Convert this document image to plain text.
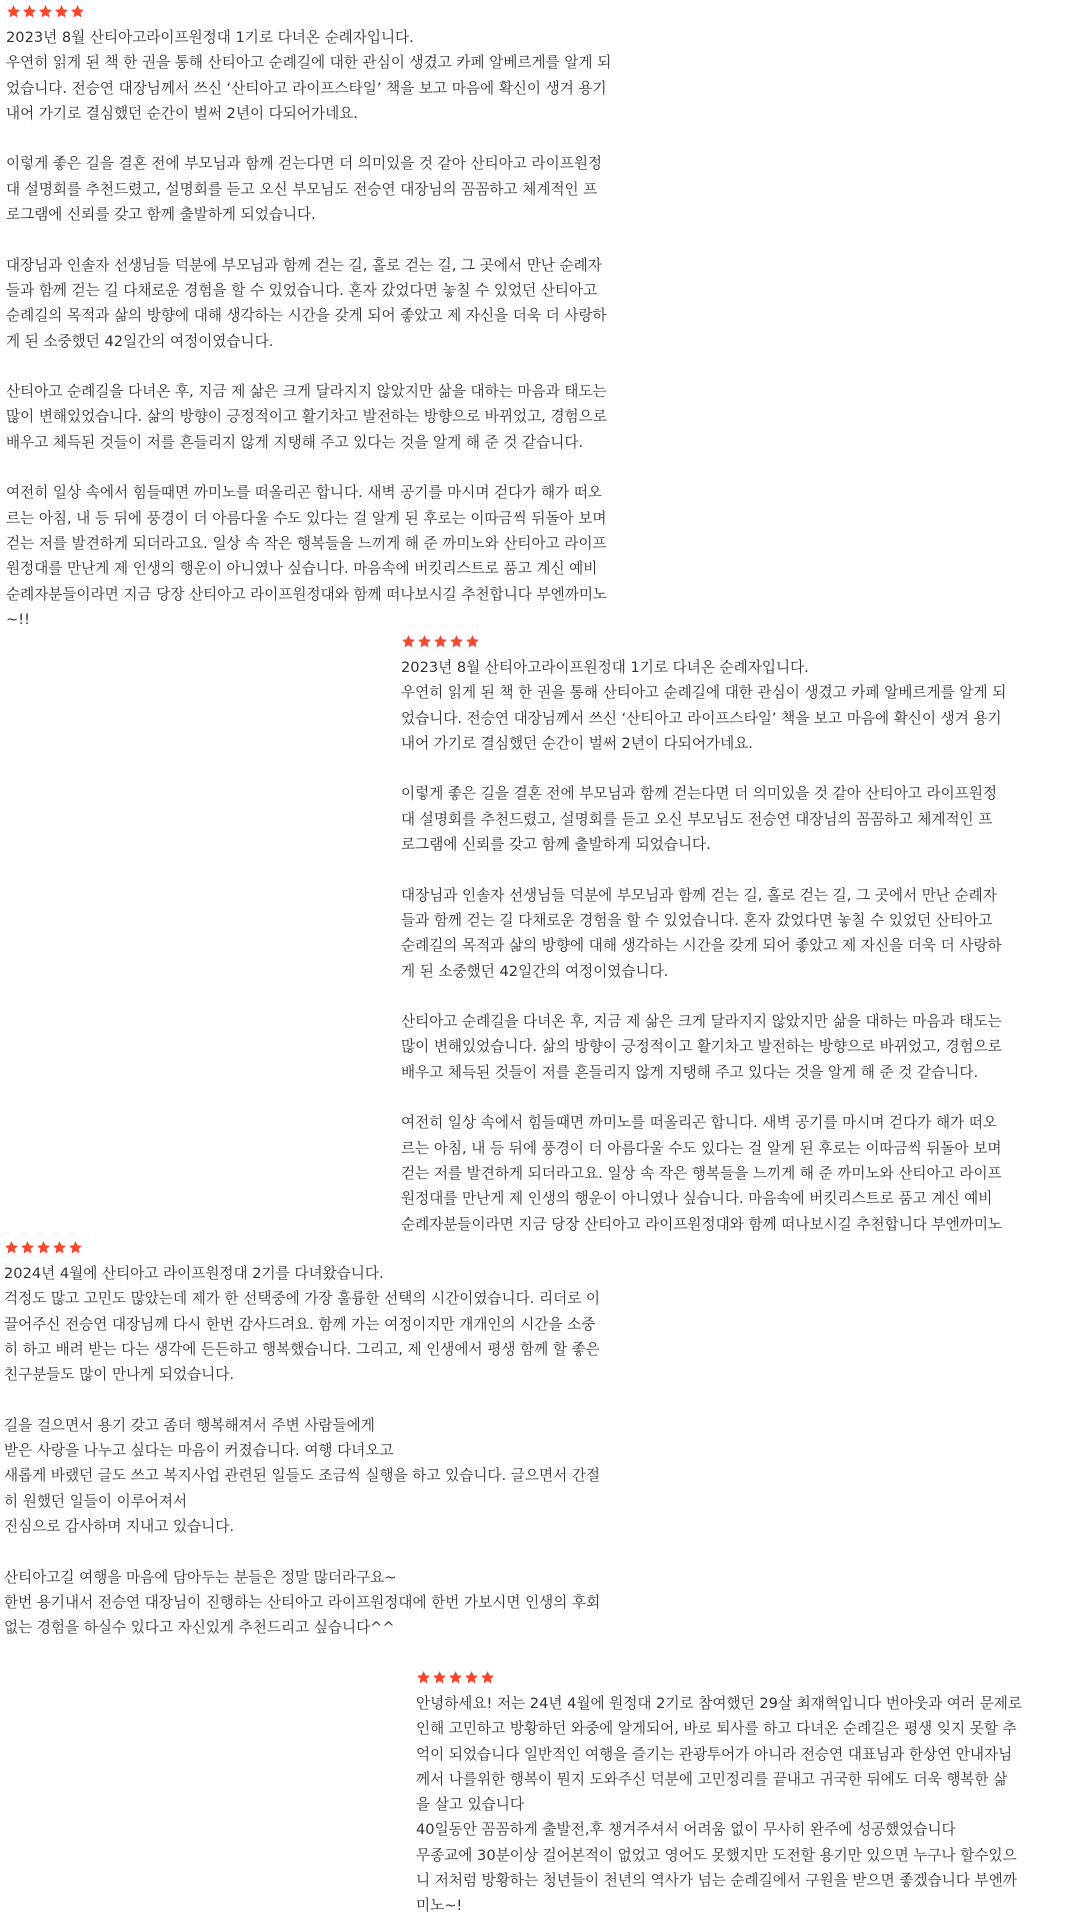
2023년 8월 산티아고라이프원정대 1기로 다녀온 순례자입니다.
우연히 읽게 된 책 한 권을 통해 산티아고 순례길에 대한 관심이 생겼고 카페 알베르게를 알게 되
었습니다. 전승연 대장님께서 쓰신 ‘산티아고 라이프스타일’ 책을 보고 마음에 확신이 생겨 용기
내어 가기로 결심했던 순간이 벌써 2년이 다되어가네요.
이렇게 좋은 길을 결혼 전에 부모님과 함께 걷는다면 더 의미있을 것 같아 산티아고 라이프원정
대 설명회를 추천드렸고, 설명회를 듣고 오신 부모님도 전승연 대장님의 꼼꼼하고 체계적인 프
로그램에 신뢰를 갖고 함께 출발하게 되었습니다.
대장님과 인솔자 선생님들 덕분에 부모님과 함께 걷는 길, 홀로 걷는 길, 그 곳에서 만난 순례자
들과 함께 걷는 길 다채로운 경험을 할 수 있었습니다. 혼자 갔었다면 놓칠 수 있었던 산티아고
순례길의 목적과 삶의 방향에 대해 생각하는 시간을 갖게 되어 좋았고 제 자신을 더욱 더 사랑하
게 된 소중했던 42일간의 여정이였습니다.
산티아고 순례길을 다녀온 후, 지금 제 삶은 크게 달라지지 않았지만 삶을 대하는 마음과 태도는
많이 변해있었습니다. 삶의 방향이 긍정적이고 활기차고 발전하는 방향으로 바뀌었고, 경험으로
배우고 체득된 것들이 저를 흔들리지 않게 지탱해 주고 있다는 것을 알게 해 준 것 같습니다.
여전히 일상 속에서 힘들때면 까미노를 떠올리곤 합니다. 새벽 공기를 마시며 걷다가 해가 떠오
르는 아침, 내 등 뒤에 풍경이 더 아름다울 수도 있다는 걸 알게 된 후로는 이따금씩 뒤돌아 보며
걷는 저를 발견하게 되더라고요. 일상 속 작은 행복들을 느끼게 해 준 까미노와 산티아고 라이프
원정대를 만난게 제 인생의 행운이 아니였나 싶습니다. 마음속에 버킷리스트로 품고 계신 예비
순례자분들이라면 지금 당장 산티아고 라이프원정대와 함께 떠나보시길 추천합니다 부엔까미노
~!!
2023년 8월 산티아고라이프원정대 1기로 다녀온 순례자입니다.
우연히 읽게 된 책 한 권을 통해 산티아고 순례길에 대한 관심이 생겼고 카페 알베르게를 알게 되
었습니다. 전승연 대장님께서 쓰신 ‘산티아고 라이프스타일’ 책을 보고 마음에 확신이 생겨 용기
내어 가기로 결심했던 순간이 벌써 2년이 다되어가네요.
이렇게 좋은 길을 결혼 전에 부모님과 함께 걷는다면 더 의미있을 것 같아 산티아고 라이프원정
대 설명회를 추천드렸고, 설명회를 듣고 오신 부모님도 전승연 대장님의 꼼꼼하고 체계적인 프
로그램에 신뢰를 갖고 함께 출발하게 되었습니다.
대장님과 인솔자 선생님들 덕분에 부모님과 함께 걷는 길, 홀로 걷는 길, 그 곳에서 만난 순례자
들과 함께 걷는 길 다채로운 경험을 할 수 있었습니다. 혼자 갔었다면 놓칠 수 있었던 산티아고
순례길의 목적과 삶의 방향에 대해 생각하는 시간을 갖게 되어 좋았고 제 자신을 더욱 더 사랑하
게 된 소중했던 42일간의 여정이였습니다.
산티아고 순례길을 다녀온 후, 지금 제 삶은 크게 달라지지 않았지만 삶을 대하는 마음과 태도는
많이 변해있었습니다. 삶의 방향이 긍정적이고 활기차고 발전하는 방향으로 바뀌었고, 경험으로
배우고 체득된 것들이 저를 흔들리지 않게 지탱해 주고 있다는 것을 알게 해 준 것 같습니다.
여전히 일상 속에서 힘들때면 까미노를 떠올리곤 합니다. 새벽 공기를 마시며 걷다가 해가 떠오
르는 아침, 내 등 뒤에 풍경이 더 아름다울 수도 있다는 걸 알게 된 후로는 이따금씩 뒤돌아 보며
걷는 저를 발견하게 되더라고요. 일상 속 작은 행복들을 느끼게 해 준 까미노와 산티아고 라이프
원정대를 만난게 제 인생의 행운이 아니였나 싶습니다. 마음속에 버킷리스트로 품고 계신 예비
순례자분들이라면 지금 당장 산티아고 라이프원정대와 함께 떠나보시길 추천합니다 부엔까미노
2024년 4월에 산티아고 라이프원정대 2기를 다녀왔습니다.
걱정도 많고 고민도 많았는데 제가 한 선택중에 가장 훌륭한 선택의 시간이였습니다. 리더로 이
끌어주신 전승연 대장님께 다시 한번 감사드려요. 함께 가는 여정이지만 개개인의 시간을 소중
히 하고 배려 받는 다는 생각에 든든하고 행복했습니다. 그리고, 제 인생에서 평생 함께 할 좋은
친구분들도 많이 만나게 되었습니다.
길을 걸으면서 용기 갖고 좀더 행복해져서 주변 사람들에게
받은 사랑을 나누고 싶다는 마음이 커졌습니다. 여행 다녀오고
새롭게 바랬던 글도 쓰고 복지사업 관련된 일들도 조금씩 실행을 하고 있습니다. 글으면서 간절
히 원했던 일들이 이루어져서
진심으로 감사하며 지내고 있습니다.
산티아고길 여행을 마음에 담아두는 분들은 정말 많더라구요~
한번 용기내서 전승연 대장님이 진행하는 산티아고 라이프원정대에 한번 가보시면 인생의 후회
없는 경험을 하실수 있다고 자신있게 추천드리고 싶습니다^^
안녕하세요! 저는 24년 4월에 원정대 2기로 참여했던 29살 최재혁입니다 번아웃과 여러 문제로
인해 고민하고 방황하던 와중에 알게되어, 바로 퇴사를 하고 다녀온 순례길은 평생 잊지 못할 추
억이 되었습니다 일반적인 여행을 즐기는 관광투어가 아니라 전승연 대표님과 한상연 안내자님
께서 나를위한 행복이 뭔지 도와주신 덕분에 고민정리를 끝내고 귀국한 뒤에도 더욱 행복한 삶
을 살고 있습니다
40일동안 꼼꼼하게 출발전,후 챙겨주셔서 어려움 없이 무사히 완주에 성공했었습니다
무종교에 30분이상 걸어본적이 없었고 영어도 못했지만 도전할 용기만 있으면 누구나 할수있으
니 저처럼 방황하는 청년들이 천년의 역사가 넘는 순례길에서 구원을 받으면 좋겠습니다 부엔까
미노~!
